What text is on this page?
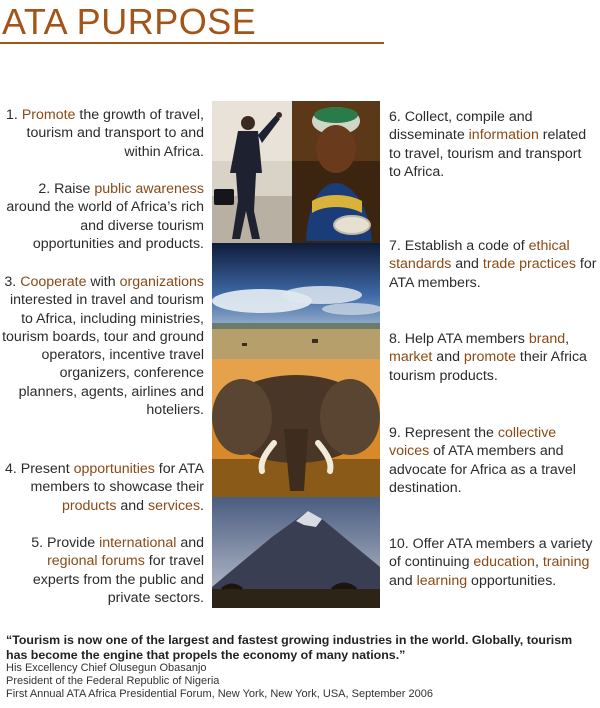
ATA PURPOSE
1. Promote the growth of travel, tourism and transport to and within Africa.
2. Raise public awareness around the world of Africa’s rich and diverse tourism opportunities and products.
3. Cooperate with organizations interested in travel and tourism to Africa, including ministries, tourism boards, tour and ground operators, incentive travel organizers, conference planners, agents, airlines and hoteliers.
4. Present opportunities for ATA members to showcase their products and services.
5. Provide international and regional forums for travel experts from the public and private sectors.
6. Collect, compile and disseminate information related to travel, tourism and transport to Africa.
7. Establish a code of ethical standards and trade practices for ATA members.
8. Help ATA members brand, market and promote their Africa tourism products.
9. Represent the collective voices of ATA members and advocate for Africa as a travel destination.
10. Offer ATA members a variety of continuing education, training and learning opportunities.
“Tourism is now one of the largest and fastest growing industries in the world. Globally, tourism has become the engine that propels the economy of many nations.”
His Excellency Chief Olusegun Obasanjo
President of the Federal Republic of Nigeria
First Annual ATA Africa Presidential Forum, New York, New York, USA, September 2006
